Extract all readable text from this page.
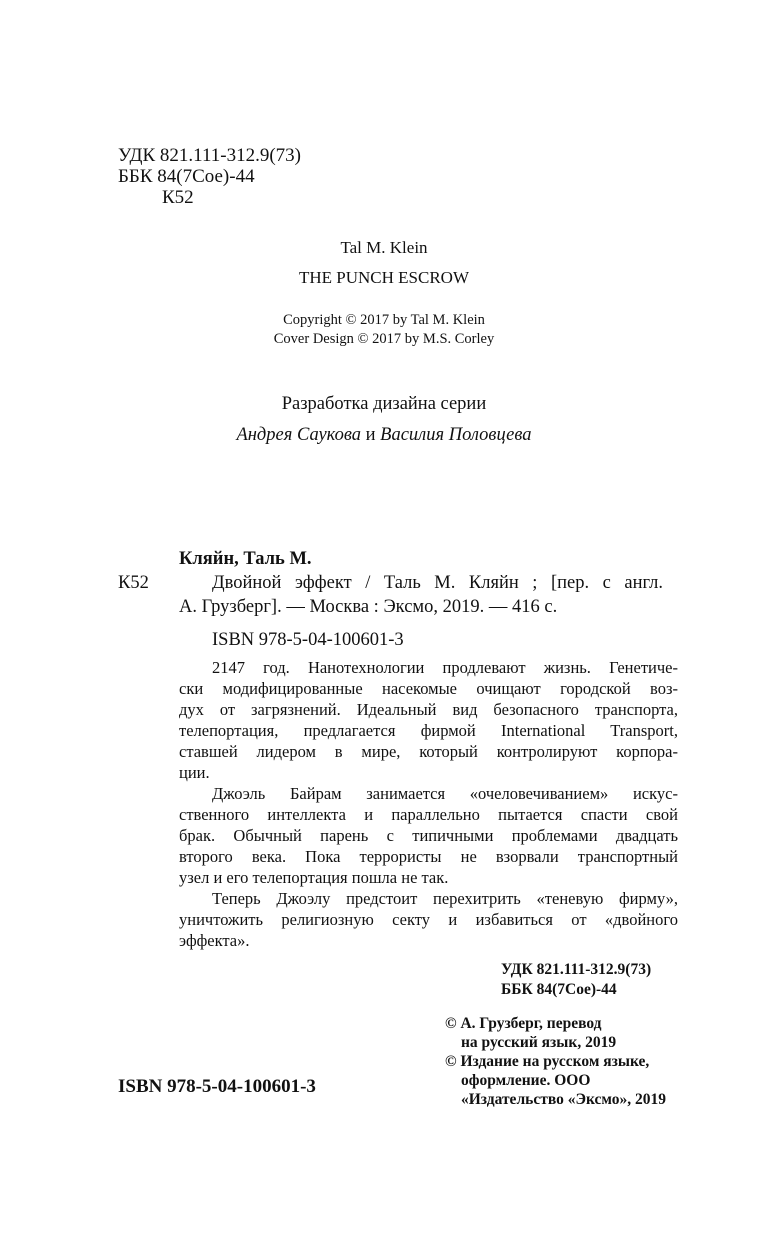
УДК 821.111-312.9(73)
ББК 84(7Сое)-44
К52
Tal M. Klein
THE PUNCH ESCROW
Copyright © 2017 by Tal M. Klein
Cover Design © 2017 by M.S. Corley
Разработка дизайна серии
Андрея Саукова и Василия Половцева
Кляйн, Таль М.
К52	Двойной эффект / Таль М. Кляйн ; [пер. с англ.
А. Грузберг]. — Москва : Эксмо, 2019. — 416 с.
ISBN 978-5-04-100601-3
2147 год. Нанотехнологии продлевают жизнь. Генетиче-
ски модифицированные насекомые очищают городской воз-
дух от загрязнений. Идеальный вид безопасного транспорта,
телепортация, предлагается фирмой International Transport,
ставшей лидером в мире, который контролируют корпора-
ции.
Джоэль Байрам занимается «очеловечиванием» искус-
ственного интеллекта и параллельно пытается спасти свой
брак. Обычный парень с типичными проблемами двадцать
второго века. Пока террористы не взорвали транспортный
узел и его телепортация пошла не так.
Теперь Джоэлу предстоит перехитрить «теневую фирму»,
уничтожить религиозную секту и избавиться от «двойного
эффекта».
УДК 821.111-312.9(73)
ББК 84(7Сое)-44
© А. Грузберг, перевод
на русский язык, 2019
© Издание на русском языке,
оформление. ООО
«Издательство «Эксмо», 2019
ISBN 978-5-04-100601-3
